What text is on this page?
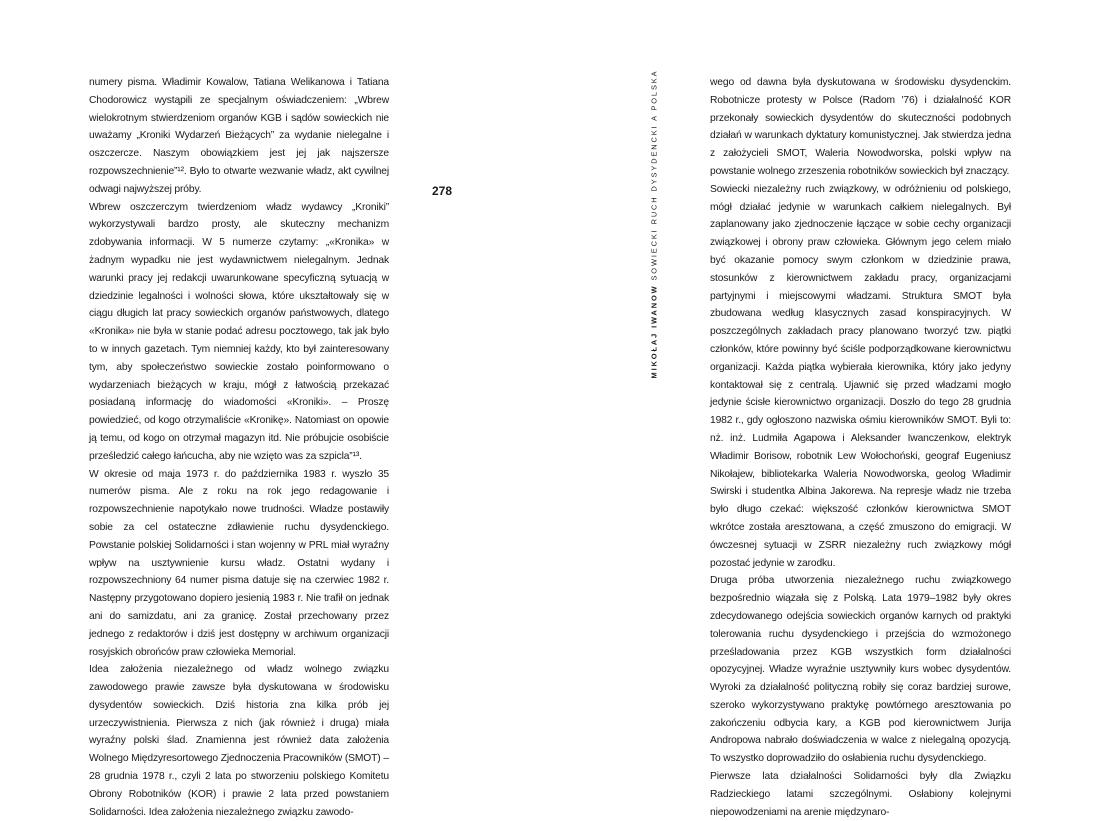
numery pisma. Władimir Kowalow, Tatiana Welikanowa i Tatiana Chodorowicz wystąpili ze specjalnym oświadczeniem: „Wbrew wielokrotnym stwierdzeniom organów KGB i sądów sowieckich nie uważamy „Kroniki Wydarzeń Bieżących” za wydanie nielegalne i oszczercze. Naszym obowiązkiem jest jej jak najszersze rozpowszechnienie”¹². Było to otwarte wezwanie władz, akt cywilnej odwagi najwyższej próby.

Wbrew oszczerczym twierdzeniom władz wydawcy „Kroniki” wykorzystywali bardzo prosty, ale skuteczny mechanizm zdobywania informacji. W 5 numerze czytamy: „«Kronika» w żadnym wypadku nie jest wydawnictwem nielegalnym. Jednak warunki pracy jej redakcji uwarunkowane specyficzną sytuacją w dziedzinie legalności i wolności słowa, które ukształtowały się w ciągu długich lat pracy sowieckich organów państwowych, dlatego «Kronika» nie była w stanie podać adresu pocztowego, tak jak było to w innych gazetach. Tym niemniej każdy, kto był zainteresowany tym, aby społeczeństwo sowieckie zostało poinformowano o wydarzeniach bieżących w kraju, mógł z łatwością przekazać posiadaną informację do wiadomości «Kroniki». – Proszę powiedzieć, od kogo otrzymaliście «Kronikę». Natomiast on opowie ją temu, od kogo on otrzymał magazyn itd. Nie próbujcie osobiście prześledzić całego łańcucha, aby nie wzięto was za szpicla”¹³.

W okresie od maja 1973 r. do października 1983 r. wyszło 35 numerów pisma. Ale z roku na rok jego redagowanie i rozpowszechnienie napotykało nowe trudności. Władze postawiły sobie za cel ostateczne zdławienie ruchu dysydenckiego. Powstanie polskiej Solidarności i stan wojenny w PRL miał wyraźny wpływ na usztywnienie kursu władz. Ostatni wydany i rozpowszechniony 64 numer pisma datuje się na czerwiec 1982 r. Następny przygotowano dopiero jesienią 1983 r. Nie trafił on jednak ani do samizdatu, ani za granicę. Został przechowany przez jednego z redaktorów i dziś jest dostępny w archiwum organizacji rosyjskich obrońców praw człowieka Memorial.

Idea założenia niezależnego od władz wolnego związku zawodowego prawie zawsze była dyskutowana w środowisku dysydentów sowieckich. Dziś historia zna kilka prób jej urzeczywistnienia. Pierwsza z nich (jak również i druga) miała wyraźny polski ślad. Znamienna jest również data założenia Wolnego Międzyresortowego Zjednoczenia Pracowników (SMOT) – 28 grudnia 1978 r., czyli 2 lata po stworzeniu polskiego Komitetu Obrony Robotników (KOR) i prawie 2 lata przed powstaniem Solidarności. Idea założenia niezależnego związku zawodo-

278
MIKOŁAJ IWANOW SOWIECKI RUCH DYSYDENCKI A POLSKA	wego od dawna była dyskutowana w środowisku dysydenckim. Robotnicze protesty w Polsce (Radom '76) i działalność KOR przekonały sowieckich dysydentów do skuteczności podobnych działań w warunkach dyktatury komunistycznej. Jak stwierdza jedna z założycieli SMOT, Waleria Nowodworska, polski wpływ na powstanie wolnego zrzeszenia robotników sowieckich był znaczący.

Sowiecki niezależny ruch związkowy, w odróżnieniu od polskiego, mógł działać jedynie w warunkach całkiem nielegalnych. Był zaplanowany jako zjednoczenie łączące w sobie cechy organizacji związkowej i obrony praw człowieka. Głównym jego celem miało być okazanie pomocy swym członkom w dziedzinie prawa, stosunków z kierownictwem zakładu pracy, organizacjami partyjnymi i miejscowymi władzami. Struktura SMOT była zbudowana według klasycznych zasad konspiracyjnych. W poszczególnych zakładach pracy planowano tworzyć tzw. piątki członków, które powinny być ściśle podporządkowane kierownictwu organizacji. Każda piątka wybierała kierownika, który jako jedyny kontaktował się z centralą. Ujawnić się przed władzami mogło jedynie ścisłe kierownictwo organizacji. Doszło do tego 28 grudnia 1982 r., gdy ogłoszono nazwiska ośmiu kierowników SMOT. Byli to: nż. inż. Ludmiła Agapowa i Aleksander Iwanczenkow, elektryk Władimir Borisow, robotnik Lew Wołochoński, geograf Eugeniusz Nikołajew, bibliotekarka Waleria Nowodworska, geolog Władimir Swirski i studentka Albina Jakorewa. Na represje władz nie trzeba było długo czekać: większość członków kierownictwa SMOT wkrótce została aresztowana, a część zmuszono do emigracji. W ówczesnej sytuacji w ZSRR niezależny ruch związkowy mógł pozostać jedynie w zarodku.

Druga próba utworzenia niezależnego ruchu związkowego bezpośrednio wiązała się z Polską. Lata 1979–1982 były okres zdecydowanego odejścia sowieckich organów karnych od praktyki tolerowania ruchu dysydenckiego i przejścia do wzmożonego prześladowania przez KGB wszystkich form działalności opozycyjnej. Władze wyraźnie usztywniły kurs wobec dysydentów. Wyroki za działalność polityczną robiły się coraz bardziej surowe, szeroko wykorzystywano praktykę powtórnego aresztowania po zakończeniu odbycia kary, a KGB pod kierownictwem Jurija Andropowa nabrało doświadczenia w walce z nielegalną opozycją. To wszystko doprowadziło do osłabienia ruchu dysydenckiego.

Pierwsze lata działalności Solidarności były dla Związku Radzieckiego latami szczególnymi. Osłabiony kolejnymi niepowodzeniami na arenie międzynaro-
